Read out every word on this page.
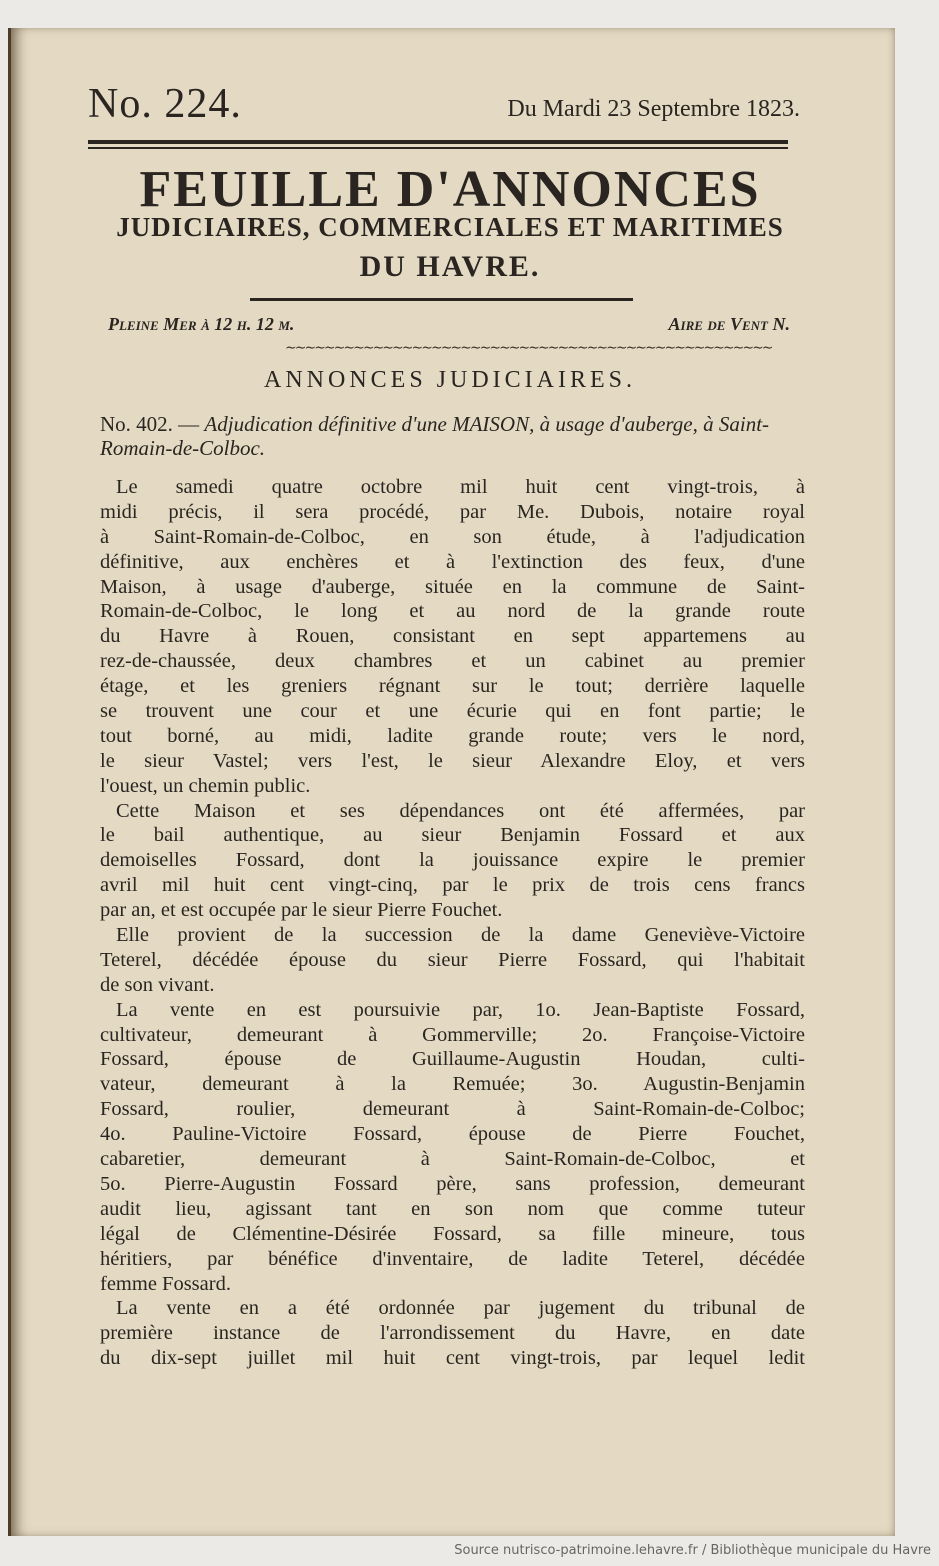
No. 224.	Du Mardi 23 Septembre 1823.
FEUILLE D'ANNONCES
JUDICIAIRES, COMMERCIALES ET MARITIMES
DU HAVRE.
Pleine Mer à 12 h. 12 m.	Aire de Vent N.
∼∼∼∼∼∼∼∼∼∼∼∼∼∼∼∼∼∼∼∼∼∼∼∼∼∼∼∼∼∼∼∼∼∼∼∼∼∼∼∼∼∼∼∼∼∼∼∼∼∼
ANNONCES JUDICIAIRES.
No. 402. — Adjudication définitive d'une MAISON, à usage d'auberge, à Saint-Romain-de-Colboc.
Le samedi quatre octobre mil huit cent vingt-trois, à
midi précis, il sera procédé, par Me. Dubois, notaire royal
à Saint-Romain-de-Colboc, en son étude, à l'adjudication
définitive, aux enchères et à l'extinction des feux, d'une
Maison, à usage d'auberge, située en la commune de Saint-
Romain-de-Colboc, le long et au nord de la grande route
du Havre à Rouen, consistant en sept appartemens au
rez-de-chaussée, deux chambres et un cabinet au premier
étage, et les greniers régnant sur le tout; derrière laquelle
se trouvent une cour et une écurie qui en font partie; le
tout borné, au midi, ladite grande route; vers le nord,
le sieur Vastel; vers l'est, le sieur Alexandre Eloy, et vers
l'ouest, un chemin public.
Cette Maison et ses dépendances ont été affermées, par
le bail authentique, au sieur Benjamin Fossard et aux
demoiselles Fossard, dont la jouissance expire le premier
avril mil huit cent vingt-cinq, par le prix de trois cens francs
par an, et est occupée par le sieur Pierre Fouchet.
Elle provient de la succession de la dame Geneviève-Victoire
Teterel, décédée épouse du sieur Pierre Fossard, qui l'habitait
de son vivant.
La vente en est poursuivie par, 1o. Jean-Baptiste Fossard,
cultivateur, demeurant à Gommerville; 2o. Françoise-Victoire
Fossard, épouse de Guillaume-Augustin Houdan, culti-
vateur, demeurant à la Remuée; 3o. Augustin-Benjamin
Fossard, roulier, demeurant à Saint-Romain-de-Colboc;
4o. Pauline-Victoire Fossard, épouse de Pierre Fouchet,
cabaretier, demeurant à Saint-Romain-de-Colboc, et
5o. Pierre-Augustin Fossard père, sans profession, demeurant
audit lieu, agissant tant en son nom que comme tuteur
légal de Clémentine-Désirée Fossard, sa fille mineure, tous
héritiers, par bénéfice d'inventaire, de ladite Teterel, décédée
femme Fossard.
La vente en a été ordonnée par jugement du tribunal de
première instance de l'arrondissement du Havre, en date
du dix-sept juillet mil huit cent vingt-trois, par lequel ledit
Source nutrisco-patrimoine.lehavre.fr / Bibliothèque municipale du Havre
